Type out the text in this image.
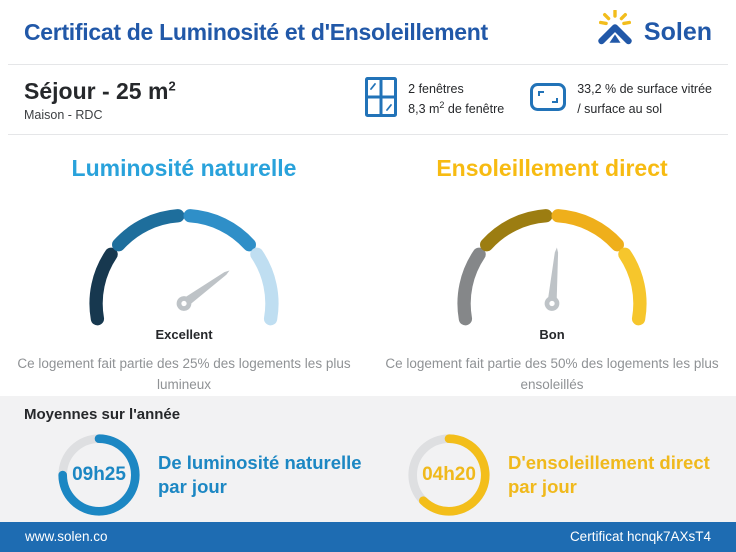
Certificat de Luminosité et d'Ensoleillement	Solen
Séjour - 25 $m^2$
Maison - RDC
2 fenêtres
8,3 $m^2$ de fenêtre
33,2 % de surface vitrée
/ surface au sol
Luminosité naturelle
Excellent
Ce logement fait partie des 25% des logements les plus lumineux
Ensoleillement direct
Bon
Ce logement fait partie des 50% des logements les plus ensoleillés
Moyennes sur l'année
09h25
De luminosité naturelle
par jour
04h20
D'ensoleillement direct
par jour
www.solen.co	Certificat hcnqk7AXsT4
